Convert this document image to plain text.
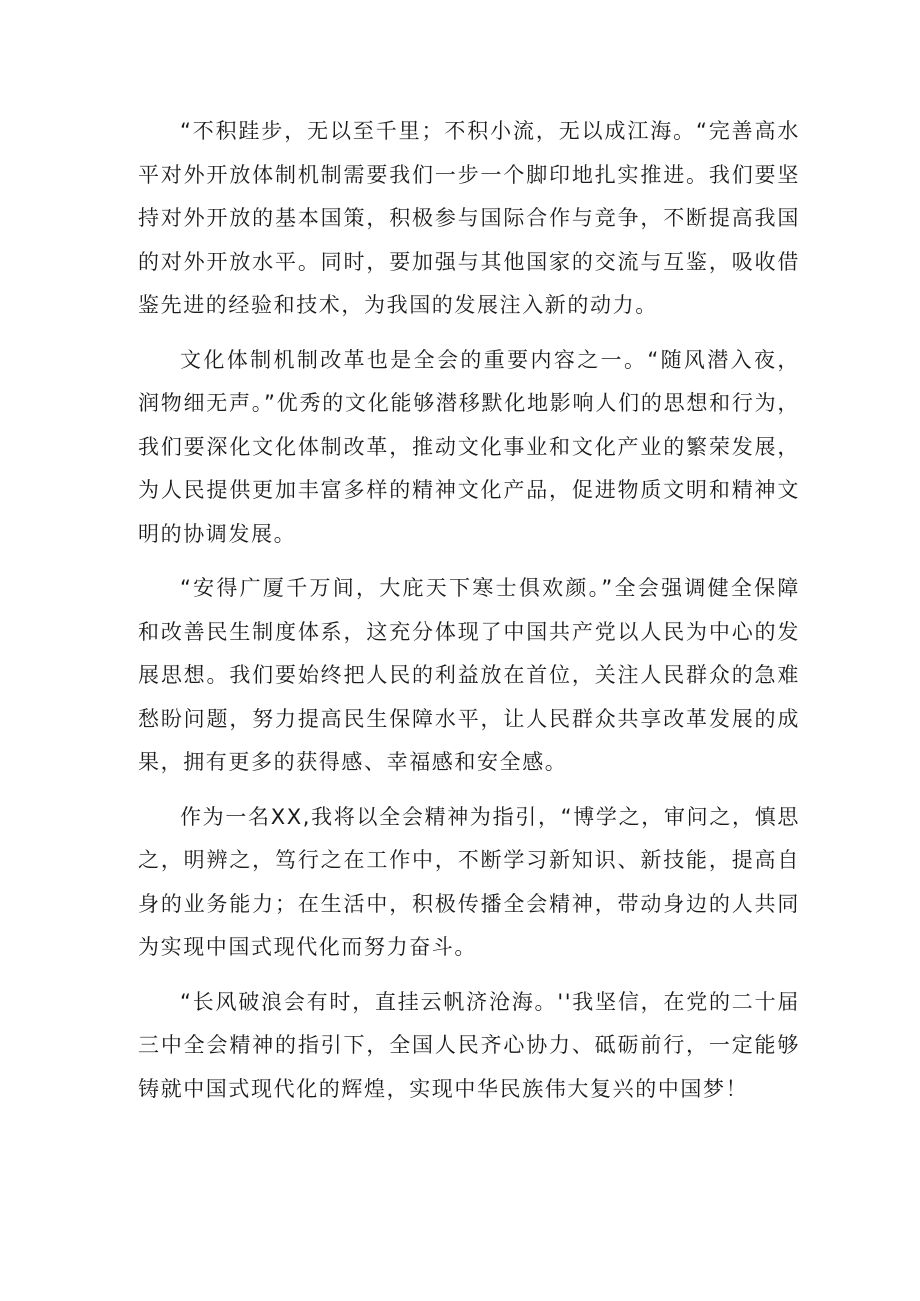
“不积跬步，无以至千里；不积小流，无以成江海。“完善高水平对外开放体制机制需要我们一步一个脚印地扎实推进。我们要坚持对外开放的基本国策，积极参与国际合作与竞争，不断提高我国的对外开放水平。同时，要加强与其他国家的交流与互鉴，吸收借鉴先进的经验和技术，为我国的发展注入新的动力。

文化体制机制改革也是全会的重要内容之一。“随风潜入夜，润物细无声。”优秀的文化能够潜移默化地影响人们的思想和行为，我们要深化文化体制改革，推动文化事业和文化产业的繁荣发展，为人民提供更加丰富多样的精神文化产品，促进物质文明和精神文明的协调发展。

“安得广厦千万间，大庇天下寒士俱欢颜。”全会强调健全保障和改善民生制度体系，这充分体现了中国共产党以人民为中心的发展思想。我们要始终把人民的利益放在首位，关注人民群众的急难愁盼问题，努力提高民生保障水平，让人民群众共享改革发展的成果，拥有更多的获得感、幸福感和安全感。

作为一名XX,我将以全会精神为指引，“博学之，审问之，慎思之，明辨之，笃行之在工作中，不断学习新知识、新技能，提高自身的业务能力；在生活中，积极传播全会精神，带动身边的人共同为实现中国式现代化而努力奋斗。

“长风破浪会有时，直挂云帆济沧海。''我坚信，在党的二十届三中全会精神的指引下，全国人民齐心协力、砥砺前行，一定能够铸就中国式现代化的辉煌，实现中华民族伟大复兴的中国梦！
